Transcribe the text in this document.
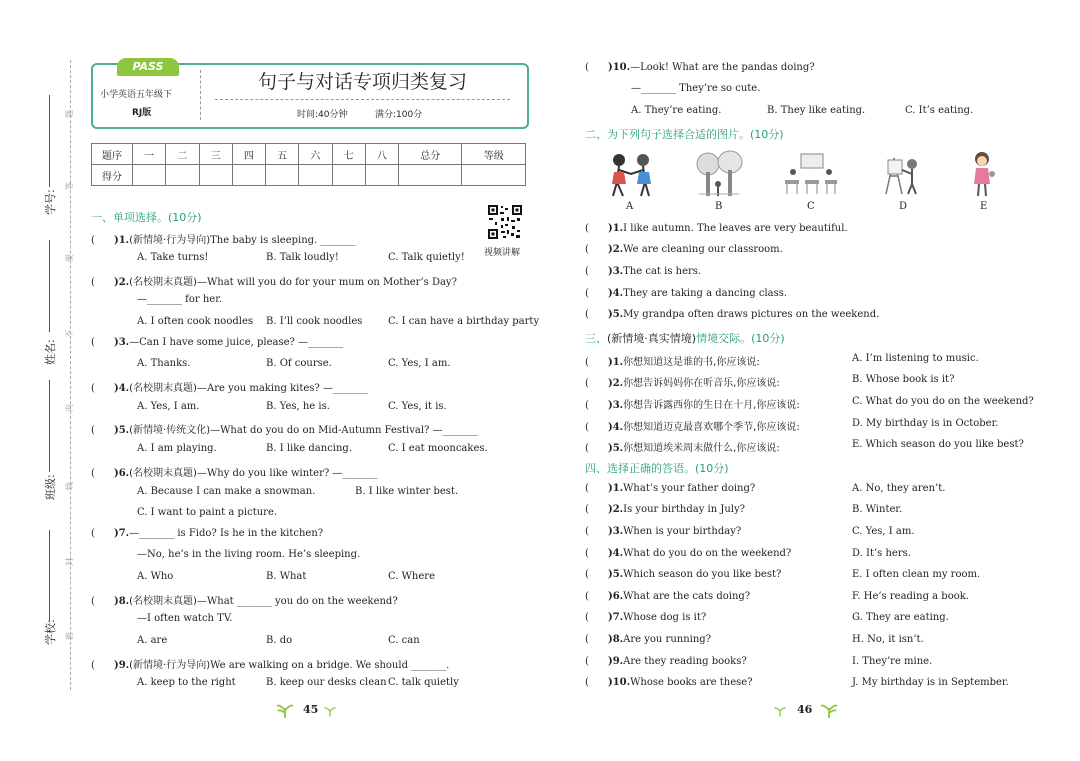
学号:
姓名:
班级:
学校:
题
答
要
不
内
线
封
密
PASS
小学英语五年级下
RJ版
句子与对话专项归类复习
时间:40分钟	满分:100分
题序	一	二	三	四	五	六	七	八	总分	等级
得分										
视频讲解
一、单项选择。(10分)
(      )1.(新情境·行为导向)The baby is sleeping. _______
A. Take turns!	B. Talk loudly!	C. Talk quietly!
(      )2.(名校期末真题)—What will you do for your mum on Mother’s Day?
—_______ for her.
A. I often cook noodles B. I’ll cook noodles	C. I can have a birthday party
(      )3.—Can I have some juice, please? —_______
A. Thanks.	B. Of course.	C. Yes, I am.
(      )4.(名校期末真题)—Are you making kites? —_______
A. Yes, I am.	B. Yes, he is.	C. Yes, it is.
(      )5.(新情境·传统文化)—What do you do on Mid-Autumn Festival? —_______
A. I am playing.	B. I like dancing.	C. I eat mooncakes.
(      )6.(名校期末真题)—Why do you like winter? —_______
A. Because I can make a snowman.	B. I like winter best.
C. I want to paint a picture.
(      )7.—_______ is Fido? Is he in the kitchen?
—No, he’s in the living room. He’s sleeping.
A. Who	B. What	C. Where
(      )8.(名校期末真题)—What _______ you do on the weekend?
—I often watch TV.
A. are	B. do	C. can
(      )9.(新情境·行为导向)We are walking on a bridge. We should _______.
A. keep to the right	B. keep our desks clean C. talk quietly
45
(      )10.—Look! What are the pandas doing?
—_______ They’re so cute.
A. They’re eating.	B. They like eating.	C. It’s eating.
二、为下列句子选择合适的图片。(10分)
A	B	C	D	E
(      )1.I like autumn. The leaves are very beautiful.
(      )2.We are cleaning our classroom.
(      )3.The cat is hers.
(      )4.They are taking a dancing class.
(      )5.My grandpa often draws pictures on the weekend.
三、(新情境·真实情境)情境交际。(10分)
(      )1.你想知道这是谁的书,你应该说:	A. I’m listening to music.
(      )2.你想告诉妈妈你在听音乐,你应该说:	B. Whose book is it?
(      )3.你想告诉露西你的生日在十月,你应该说:	C. What do you do on the weekend?
(      )4.你想知道迈克最喜欢哪个季节,你应该说:	D. My birthday is in October.
(      )5.你想知道埃米周末做什么,你应该说:	E. Which season do you like best?
四、选择正确的答语。(10分)
(      )1.What’s your father doing?	A. No, they aren’t.
(      )2.Is your birthday in July?	B. Winter.
(      )3.When is your birthday?	C. Yes, I am.
(      )4.What do you do on the weekend?	D. It’s hers.
(      )5.Which season do you like best?	E. I often clean my room.
(      )6.What are the cats doing?	F. He’s reading a book.
(      )7.Whose dog is it?	G. They are eating.
(      )8.Are you running?	H. No, it isn’t.
(      )9.Are they reading books?	I. They’re mine.
(      )10.Whose books are these?	J. My birthday is in September.
46
